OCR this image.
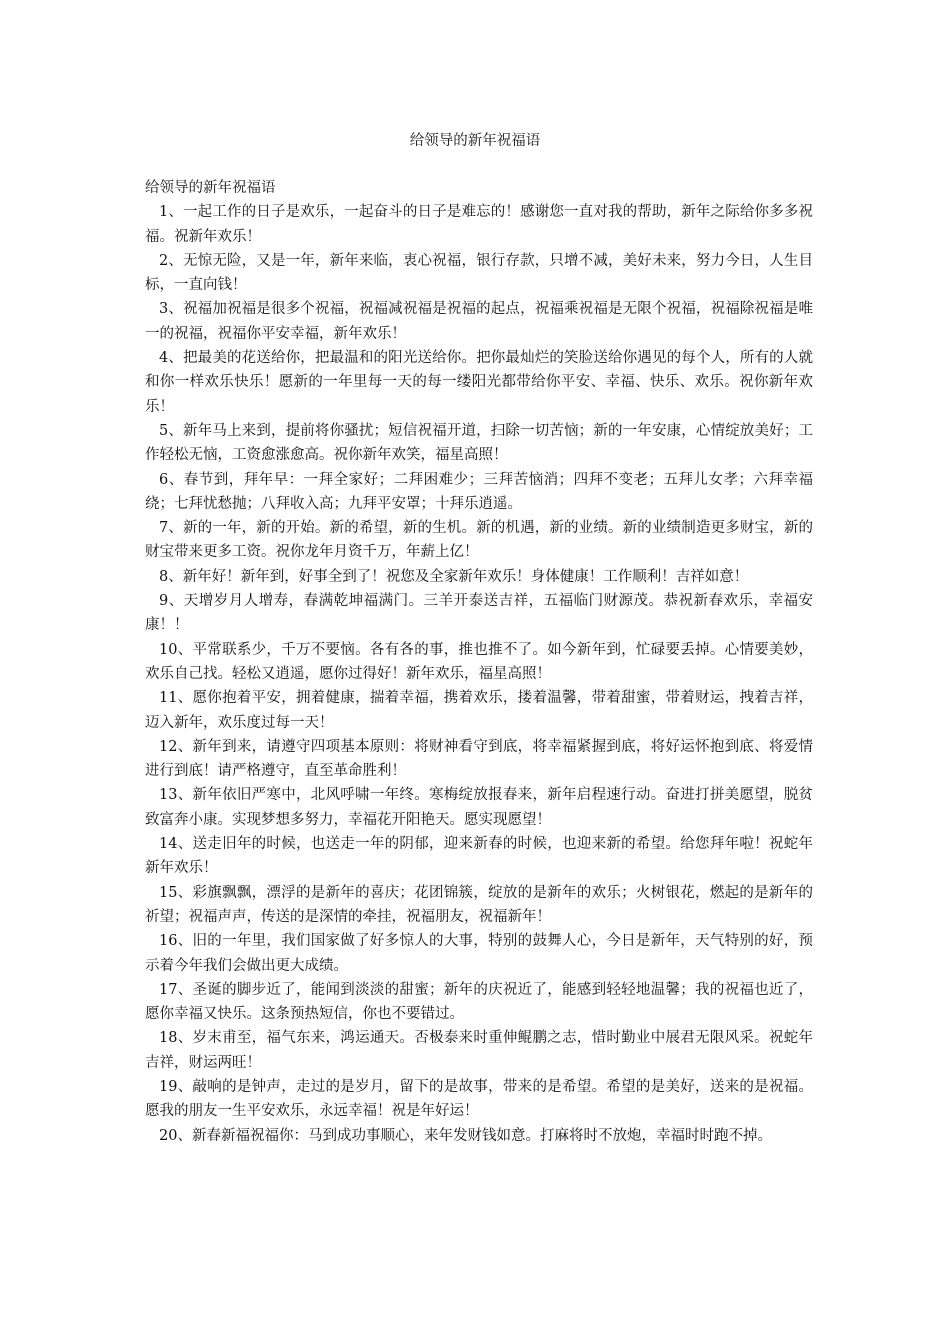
给领导的新年祝福语

给领导的新年祝福语

1、一起工作的日子是欢乐，一起奋斗的日子是难忘的！感谢您一直对我的帮助，新年之际给你多多祝福。祝新年欢乐！

2、无惊无险，又是一年，新年来临，衷心祝福，银行存款，只增不减，美好未来，努力今日，人生目标，一直向钱！

3、祝福加祝福是很多个祝福，祝福减祝福是祝福的起点，祝福乘祝福是无限个祝福，祝福除祝福是唯一的祝福，祝福你平安幸福，新年欢乐！

4、把最美的花送给你，把最温和的阳光送给你。把你最灿烂的笑脸送给你遇见的每个人，所有的人就和你一样欢乐快乐！愿新的一年里每一天的每一缕阳光都带给你平安、幸福、快乐、欢乐。祝你新年欢乐！

5、新年马上来到，提前将你骚扰；短信祝福开道，扫除一切苦恼；新的一年安康，心情绽放美好；工作轻松无恼，工资愈涨愈高。祝你新年欢笑，福星高照！

6、春节到，拜年早：一拜全家好；二拜困难少；三拜苦恼消；四拜不变老；五拜儿女孝；六拜幸福绕；七拜忧愁抛；八拜收入高；九拜平安罩；十拜乐逍遥。

7、新的一年，新的开始。新的希望，新的生机。新的机遇，新的业绩。新的业绩制造更多财宝，新的财宝带来更多工资。祝你龙年月资千万，年薪上亿！

8、新年好！新年到，好事全到了！祝您及全家新年欢乐！身体健康！工作顺利！吉祥如意！

9、天增岁月人增寿，春满乾坤福满门。三羊开泰送吉祥，五福临门财源茂。恭祝新春欢乐，幸福安康！！

10、平常联系少，千万不要恼。各有各的事，推也推不了。如今新年到，忙碌要丢掉。心情要美妙，欢乐自己找。轻松又逍遥，愿你过得好！新年欢乐，福星高照！

11、愿你抱着平安，拥着健康，揣着幸福，携着欢乐，搂着温馨，带着甜蜜，带着财运，拽着吉祥，迈入新年，欢乐度过每一天！

12、新年到来，请遵守四项基本原则：将财神看守到底，将幸福紧握到底，将好运怀抱到底、将爱情进行到底！请严格遵守，直至革命胜利！

13、新年依旧严寒中，北风呼啸一年终。寒梅绽放报春来，新年启程速行动。奋进打拼美愿望，脱贫致富奔小康。实现梦想多努力，幸福花开阳艳天。愿实现愿望！

14、送走旧年的时候，也送走一年的阴郁，迎来新春的时候，也迎来新的希望。给您拜年啦！祝蛇年新年欢乐！

15、彩旗飘飘，漂浮的是新年的喜庆；花团锦簇，绽放的是新年的欢乐；火树银花，燃起的是新年的祈望；祝福声声，传送的是深情的牵挂，祝福朋友，祝福新年！

16、旧的一年里，我们国家做了好多惊人的大事，特别的鼓舞人心，今日是新年，天气特别的好，预示着今年我们会做出更大成绩。

17、圣诞的脚步近了，能闻到淡淡的甜蜜；新年的庆祝近了，能感到轻轻地温馨；我的祝福也近了，愿你幸福又快乐。这条预热短信，你也不要错过。

18、岁末甫至，福气东来，鸿运通天。否极泰来时重伸鲲鹏之志，惜时勤业中展君无限风采。祝蛇年吉祥，财运两旺！

19、敲响的是钟声，走过的是岁月，留下的是故事，带来的是希望。希望的是美好，送来的是祝福。愿我的朋友一生平安欢乐，永远幸福！祝是年好运！

20、新春新福祝福你：马到成功事顺心，来年发财钱如意。打麻将时不放炮，幸福时时跑不掉。
